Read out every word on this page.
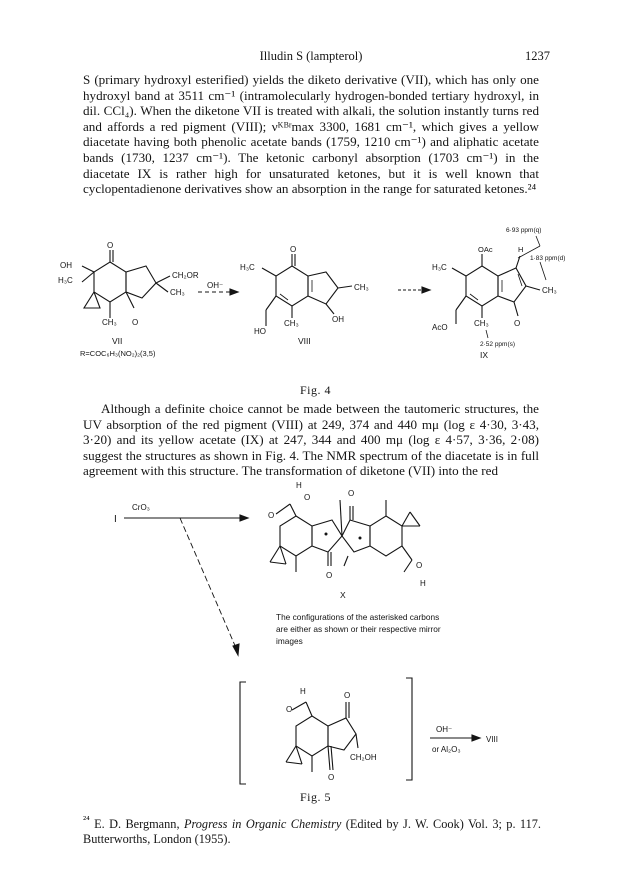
Illudin S (lampterol)	1237
S (primary hydroxyl esterified) yields the diketo derivative (VII), which has only one hydroxyl band at 3511 cm⁻¹ (intramolecularly hydrogen-bonded tertiary hydroxyl, in dil. CCl₄). When the diketone VII is treated with alkali, the solution instantly turns red and affords a red pigment (VIII); νᴷᴮʳmax 3300, 1681 cm⁻¹, which gives a yellow diacetate having both phenolic acetate bands (1759, 1210 cm⁻¹) and aliphatic acetate bands (1730, 1237 cm⁻¹). The ketonic carbonyl absorption (1703 cm⁻¹) in the diacetate IX is rather high for unsaturated ketones, but it is well known that cyclopentadienone derivatives show an absorption in the range for saturated ketones.²⁴
O
OH
H₃C
CH₂OR
CH₃
CH₃ O
VII
R=COC₆H₃(NO₂)₂(3,5)
OH⁻
O
H₃C
CH₃
CH₃	OH
HO
VIII
6·93 ppm(q)
1·83 ppm(d)
2·52 ppm(s)
OAc	H
H₃C
CH₃
CH₃	O
AcO
IX
I
CrO₃
H
O
O
O
H
O
O
X
H
O
O
CH₂OH
O
OH⁻
or Al₂O₃
VIII
Fig. 4
Although a definite choice cannot be made between the tautomeric structures, the UV absorption of the red pigment (VIII) at 249, 374 and 440 mμ (log ε 4·30, 3·43, 3·20) and its yellow acetate (IX) at 247, 344 and 400 mμ (log ε 4·57, 3·36, 2·08) suggest the structures as shown in Fig. 4. The NMR spectrum of the diacetate is in full agreement with this structure. The transformation of diketone (VII) into the red
The configurations of the asterisked carbons are either as shown or their respective mirror images
Fig. 5
$^{^{24}}$ E. D. Bergmann, Progress in Organic Chemistry (Edited by J. W. Cook) Vol. 3; p. 117. Butterworths, London (1955).
